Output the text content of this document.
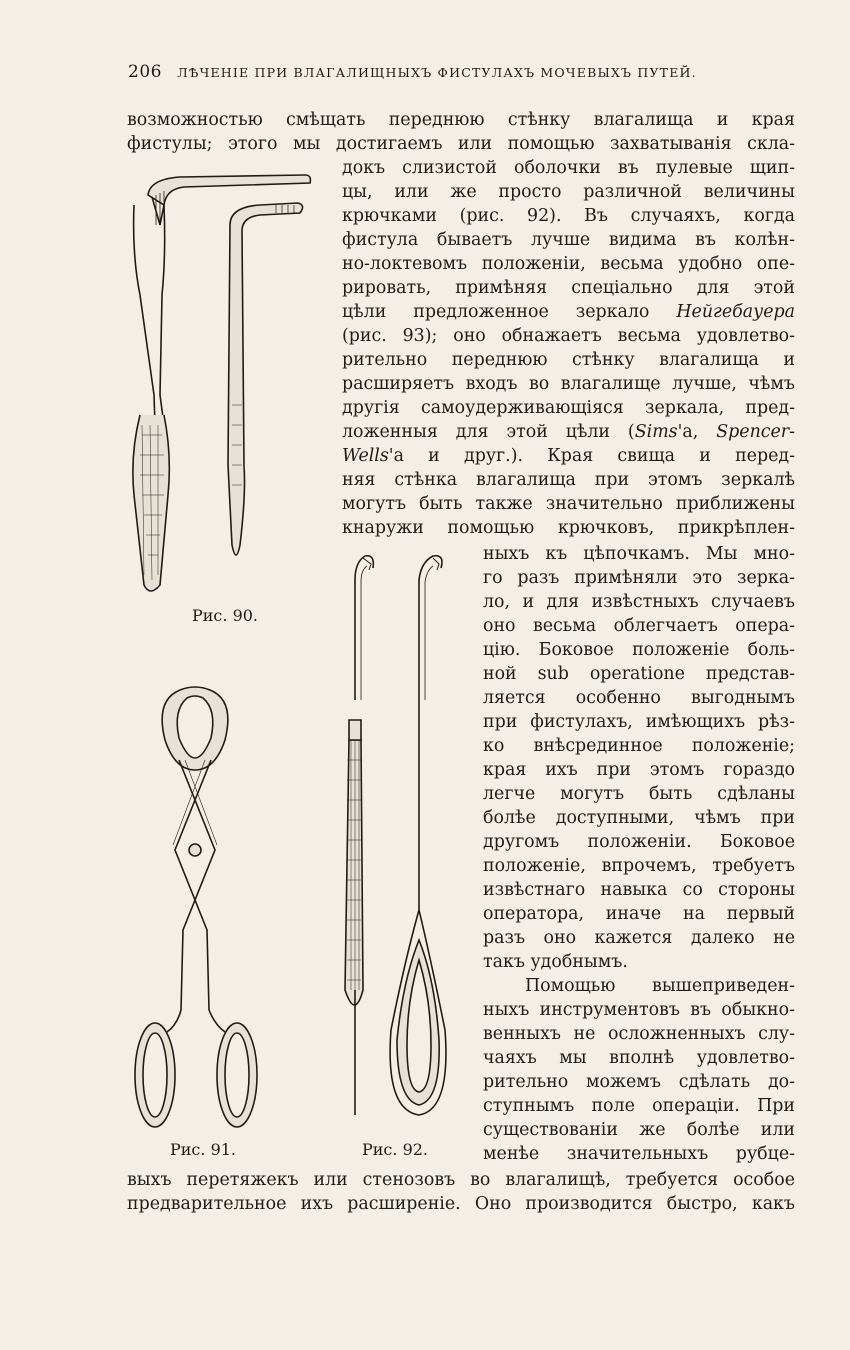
206 ЛѢЧЕНІЕ ПРИ ВЛАГАЛИЩНЫХЪ ФИСТУЛАХЪ МОЧЕВЫХЪ ПУТЕЙ.
возможностью смѣщать переднюю стѣнку влагалища и края
фистулы; этого мы достигаемъ или помощью захватыванія скла-
докъ слизистой оболочки въ пулевые щип-
цы, или же просто различной величины
крючками (рис. 92). Въ случаяхъ, когда
фистула бываетъ лучше видима въ колѣн-
но-локтевомъ положеніи, весьма удобно опе-
рировать, примѣняя спеціально для этой
цѣли предложенное зеркало Нейгебауера
(рис. 93); оно обнажаетъ весьма удовлетво-
рительно переднюю стѣнку влагалища и
расширяетъ входъ во влагалище лучше, чѣмъ
другія самоудерживающіяся зеркала, пред-
ложенныя для этой цѣли (Sims'а, Spencer-
Wells'а и друг.). Края свища и перед-
няя стѣнка влагалища при этомъ зеркалѣ
могутъ быть также значительно приближены
кнаружи помощью крючковъ, прикрѣплен-
ныхъ къ цѣпочкамъ. Мы мно-
го разъ примѣняли это зерка-
ло, и для извѣстныхъ случаевъ
оно весьма облегчаетъ опера-
цію. Боковое положеніе боль-
ной sub operatione представ-
ляется особенно выгоднымъ
при фистулахъ, имѣющихъ рѣз-
ко внѣсрединное положеніе;
края ихъ при этомъ гораздо
легче могутъ быть сдѣланы
болѣе доступными, чѣмъ при
другомъ положеніи. Боковое
положеніе, впрочемъ, требуетъ
извѣстнаго навыка со стороны
оператора, иначе на первый
разъ оно кажется далеко не
такъ удобнымъ.
Помощью вышеприведен-
ныхъ инструментовъ въ обыкно-
венныхъ не осложненныхъ слу-
чаяхъ мы вполнѣ удовлетво-
рительно можемъ сдѣлать до-
ступнымъ поле операціи. При
существованіи же болѣе или
менѣе значительныхъ рубце-
выхъ перетяжекъ или стенозовъ во влагалищѣ, требуется особое
предварительное ихъ расширеніе. Оно производится быстро, какъ
Рис. 90.
Рис. 91.	Рис. 92.
